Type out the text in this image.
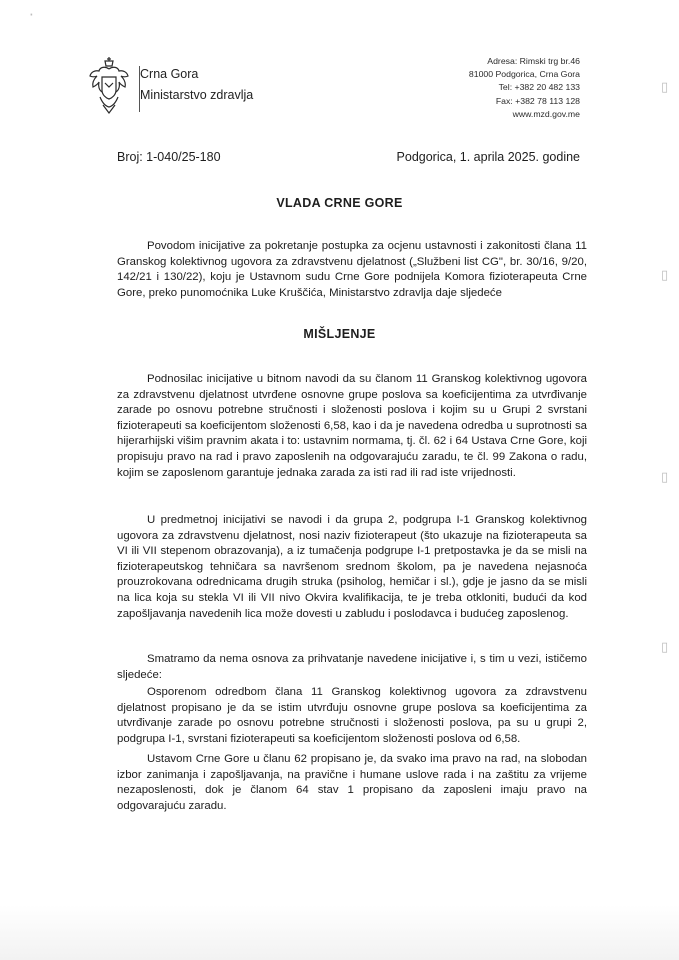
·
▯
▯
▯
▯
Crna Gora
Ministarstvo zdravlja
Adresa: Rimski trg br.46
81000 Podgorica, Crna Gora
Tel: +382 20 482 133
Fax: +382 78 113 128
www.mzd.gov.me
Broj: 1-040/25-180	Podgorica, 1. aprila 2025. godine
VLADA CRNE GORE

Povodom inicijative za pokretanje postupka za ocjenu ustavnosti i zakonitosti člana 11 Granskog kolektivnog ugovora za zdravstvenu djelatnost („Službeni list CG", br. 30/16, 9/20, 142/21 i 130/22), koju je Ustavnom sudu Crne Gore podnijela Komora fizioterapeuta Crne Gore, preko punomoćnika Luke Kruščića, Ministarstvo zdravlja daje sljedeće

MIŠLJENJE

Podnosilac inicijative u bitnom navodi da su članom 11 Granskog kolektivnog ugovora za zdravstvenu djelatnost utvrđene osnovne grupe poslova sa koeficijentima za utvrđivanje zarade po osnovu potrebne stručnosti i složenosti poslova i kojim su u Grupi 2 svrstani fizioterapeuti sa koeficijentom složenosti 6,58, kao i da je navedena odredba u suprotnosti sa hijerarhijski višim pravnim akata i to: ustavnim normama, tj. čl. 62 i 64 Ustava Crne Gore, koji propisuju pravo na rad i pravo zaposlenih na odgovarajuću zaradu, te čl. 99 Zakona o radu, kojim se zaposlenom garantuje jednaka zarada za isti rad ili rad iste vrijednosti.

U predmetnoj inicijativi se navodi i da grupa 2, podgrupa I-1 Granskog kolektivnog ugovora za zdravstvenu djelatnost, nosi naziv fizioterapeut (što ukazuje na fizioterapeuta sa VI ili VII stepenom obrazovanja), a iz tumačenja podgrupe I-1 pretpostavka je da se misli na fizioterapeutskog tehničara sa navršenom srednom školom, pa je navedena nejasnoća prouzrokovana odrednicama drugih struka (psiholog, hemičar i sl.), gdje je jasno da se misli na lica koja su stekla VI ili VII nivo Okvira kvalifikacija, te je treba otkloniti, budući da kod zapošljavanja navedenih lica može dovesti u zabludu i poslodavca i budućeg zaposlenog.

Smatramo da nema osnova za prihvatanje navedene inicijative i, s tim u vezi, ističemo sljedeće:

Osporenom odredbom člana 11 Granskog kolektivnog ugovora za zdravstvenu djelatnost propisano je da se istim utvrđuju osnovne grupe poslova sa koeficijentima za utvrđivanje zarade po osnovu potrebne stručnosti i složenosti poslova, pa su u grupi 2, podgrupa I-1, svrstani fizioterapeuti sa koeficijentom složenosti poslova od 6,58.

Ustavom Crne Gore u članu 62 propisano je, da svako ima pravo na rad, na slobodan izbor zanimanja i zapošljavanja, na pravične i humane uslove rada i na zaštitu za vrijeme nezaposlenosti, dok je članom 64 stav 1 propisano da zaposleni imaju pravo na odgovarajuću zaradu.
